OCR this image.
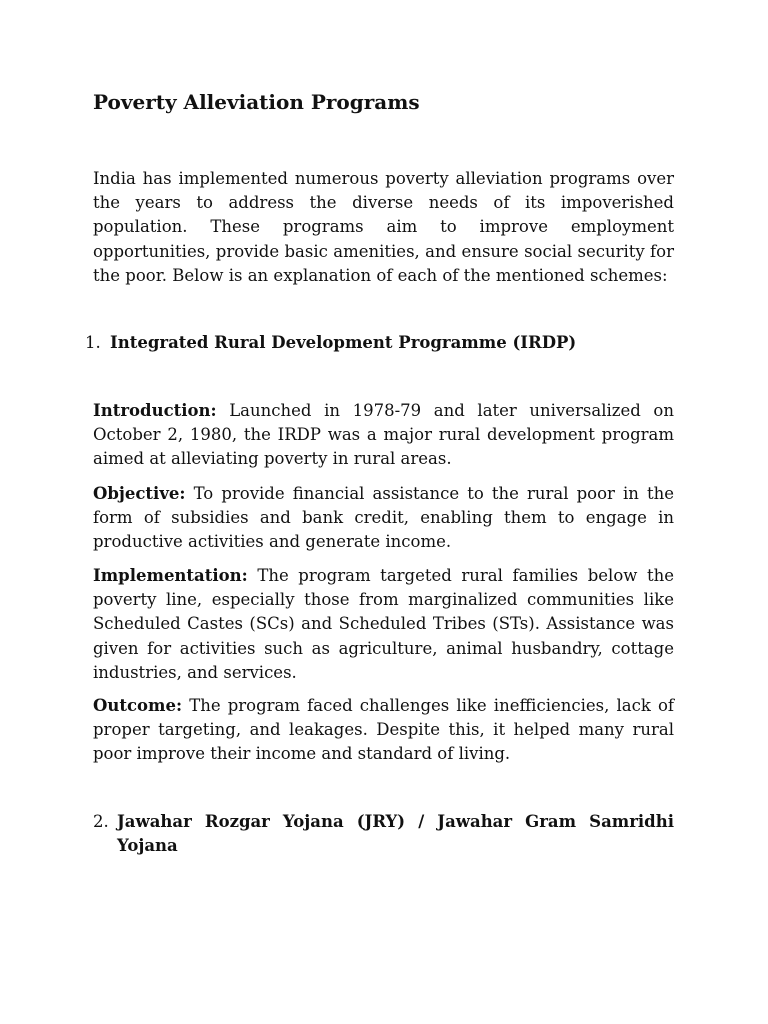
Poverty Alleviation Programs

India has implemented numerous poverty alleviation programs over the years to address the diverse needs of its impoverished population. These programs aim to improve employment opportunities, provide basic amenities, and ensure social security for the poor. Below is an explanation of each of the mentioned schemes:

1. Integrated Rural Development Programme (IRDP)

Introduction: Launched in 1978-79 and later universalized on October 2, 1980, the IRDP was a major rural development program aimed at alleviating poverty in rural areas.

Objective: To provide financial assistance to the rural poor in the form of subsidies and bank credit, enabling them to engage in productive activities and generate income.

Implementation: The program targeted rural families below the poverty line, especially those from marginalized communities like Scheduled Castes (SCs) and Scheduled Tribes (STs). Assistance was given for activities such as agriculture, animal husbandry, cottage industries, and services.

Outcome: The program faced challenges like inefficiencies, lack of proper targeting, and leakages. Despite this, it helped many rural poor improve their income and standard of living.

2. Jawahar Rozgar Yojana (JRY) / Jawahar Gram Samridhi
Yojana
